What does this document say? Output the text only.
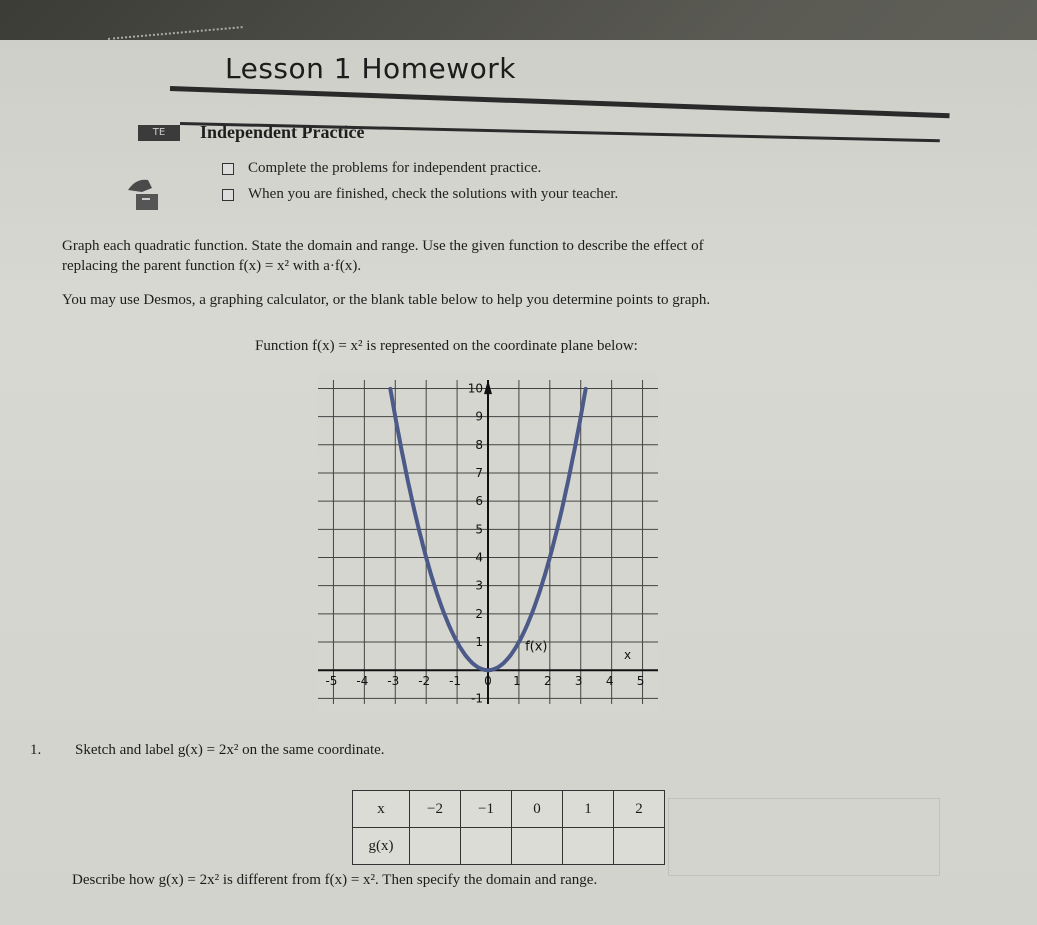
Lesson 1 Homework
TE	Independent Practice
Complete the problems for independent practice.
When you are finished, check the solutions with your teacher.
Graph each quadratic function. State the domain and range. Use the given function to describe the effect of
replacing the parent function f(x) = x² with a·f(x).
You may use Desmos, a graphing calculator, or the blank table below to help you determine points to graph.
Function f(x) = x² is represented on the coordinate plane below:
-5 -4 -3 -2 -1 0 1 2 3 4 5
-1
1
2
3
4
5
6
7
8
9
10
f(x)
x
1. Sketch and label g(x) = 2x² on the same coordinate.
x	−2	−1	0	1	2
g(x)					
Describe how g(x) = 2x² is different from f(x) = x². Then specify the domain and range.
